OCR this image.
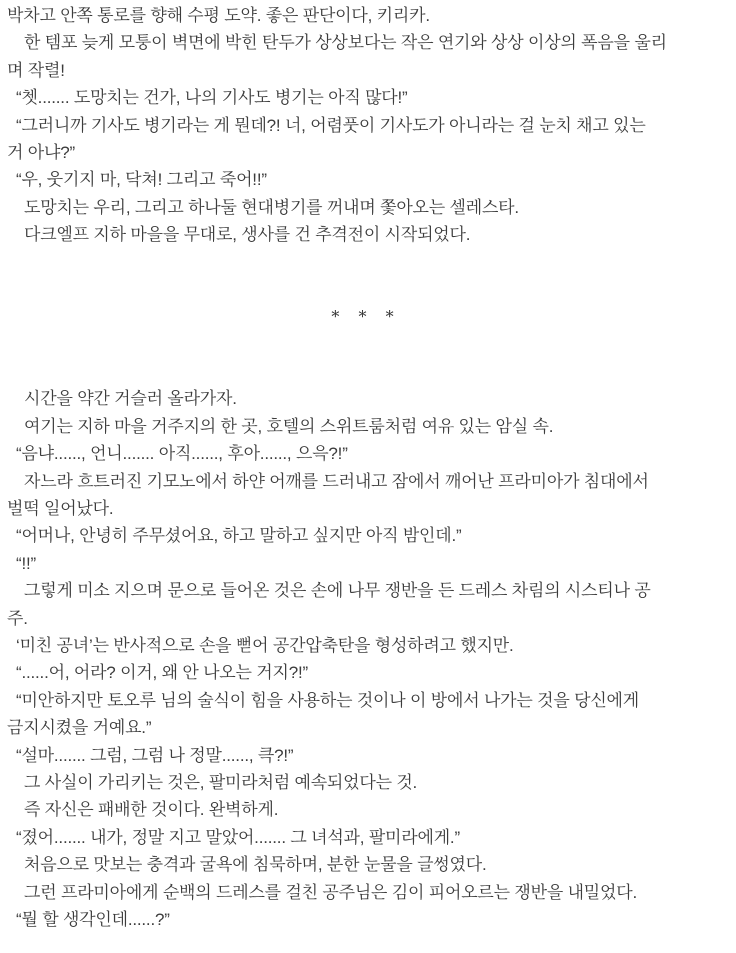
박차고 안쪽 통로를 향해 수평 도약. 좋은 판단이다, 키리카.
한 템포 늦게 모퉁이 벽면에 박힌 탄두가 상상보다는 작은 연기와 상상 이상의 폭음을 울리
며 작렬!
“쳇....... 도망치는 건가, 나의 기사도 병기는 아직 많다!”
“그러니까 기사도 병기라는 게 뭔데?! 너, 어렴풋이 기사도가 아니라는 걸 눈치 채고 있는
거 아냐?”
“우, 웃기지 마, 닥쳐! 그리고 죽어!!”
도망치는 우리, 그리고 하나둘 현대병기를 꺼내며 쫓아오는 셀레스타.
다크엘프 지하 마을을 무대로, 생사를 건 추격전이 시작되었다.
* * *
시간을 약간 거슬러 올라가자.
여기는 지하 마을 거주지의 한 곳, 호텔의 스위트룸처럼 여유 있는 암실 속.
“음냐......, 언니....... 아직......, 후아......, 으윽?!”
자느라 흐트러진 기모노에서 하얀 어깨를 드러내고 잠에서 깨어난 프라미아가 침대에서
벌떡 일어났다.
“어머나, 안녕히 주무셨어요, 하고 말하고 싶지만 아직 밤인데.”
“!!”
그렇게 미소 지으며 문으로 들어온 것은 손에 나무 쟁반을 든 드레스 차림의 시스티나 공
주.
‘미친 공녀’는 반사적으로 손을 뻗어 공간압축탄을 형성하려고 했지만.
“......어, 어라? 이거, 왜 안 나오는 거지?!”
“미안하지만 토오루 님의 술식이 힘을 사용하는 것이나 이 방에서 나가는 것을 당신에게
금지시켰을 거예요.”
“설마....... 그럼, 그럼 나 정말......, 큭?!”
그 사실이 가리키는 것은, 팔미라처럼 예속되었다는 것.
즉 자신은 패배한 것이다. 완벽하게.
“졌어....... 내가, 정말 지고 말았어....... 그 녀석과, 팔미라에게.”
처음으로 맛보는 충격과 굴욕에 침묵하며, 분한 눈물을 글썽였다.
그런 프라미아에게 순백의 드레스를 걸친 공주님은 김이 피어오르는 쟁반을 내밀었다.
“뭘 할 생각인데......?”
